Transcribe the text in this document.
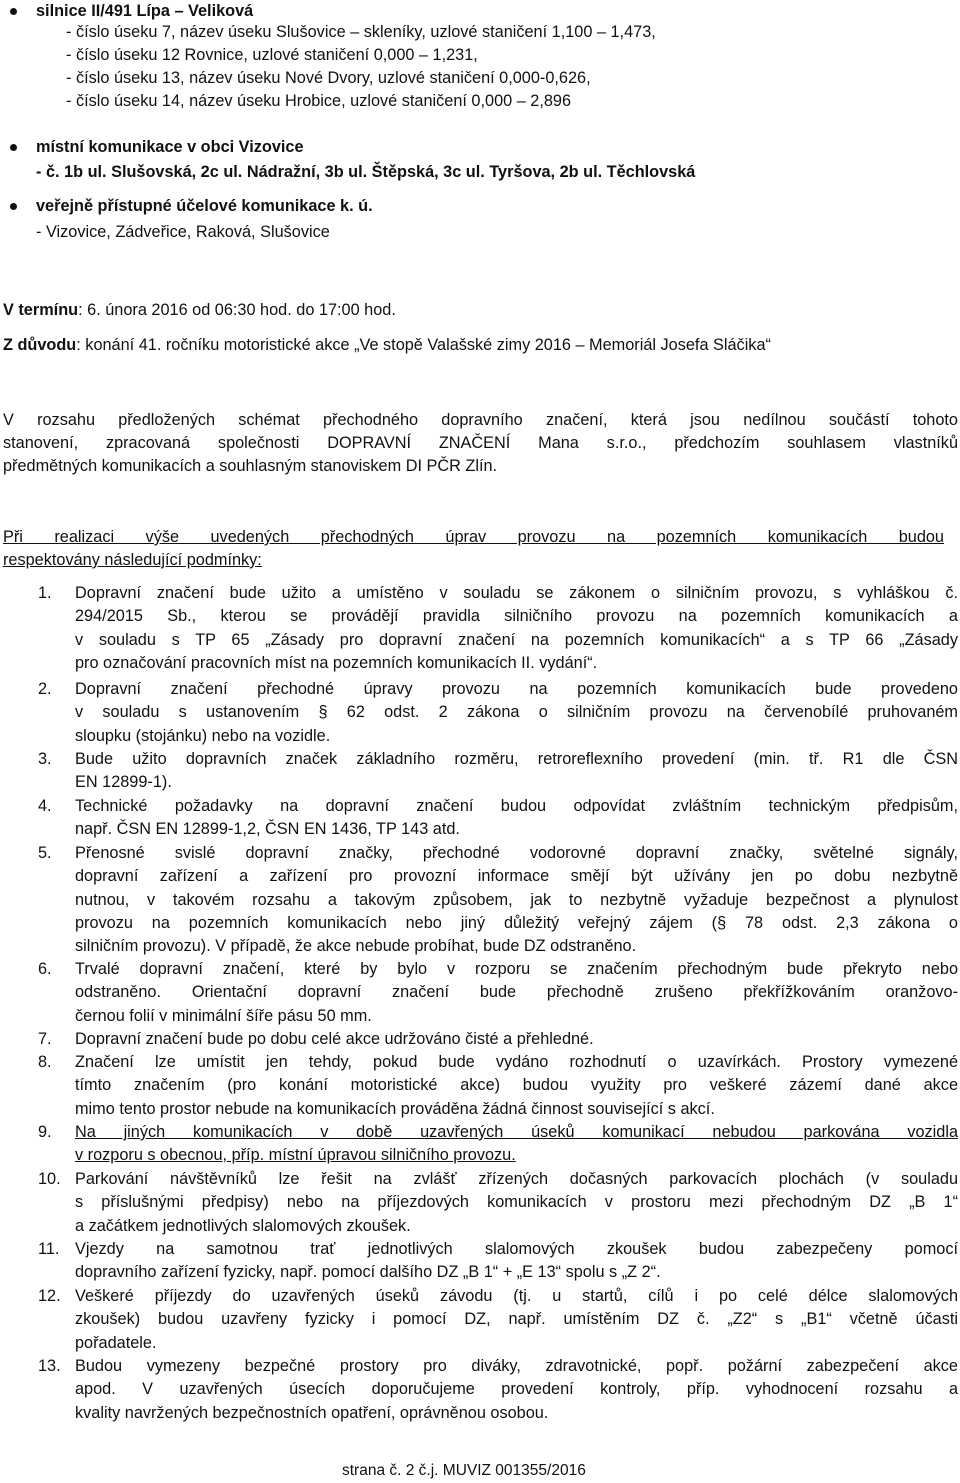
silnice II/491 Lípa – Veliková
- číslo úseku 7, název úseku Slušovice – skleníky, uzlové staničení 1,100 – 1,473,
- číslo úseku 12 Rovnice, uzlové staničení 0,000 – 1,231,
- číslo úseku 13, název úseku Nové Dvory, uzlové staničení 0,000-0,626,
- číslo úseku 14, název úseku Hrobice, uzlové staničení 0,000 – 2,896
místní komunikace v obci Vizovice
- č. 1b ul. Slušovská, 2c ul. Nádražní, 3b ul. Štěpská, 3c ul. Tyršova, 2b ul. Těchlovská
veřejně přístupné účelové komunikace k. ú.
- Vizovice, Zádveřice, Raková, Slušovice
V termínu: 6. února 2016 od 06:30 hod. do 17:00 hod.
Z důvodu: konání 41. ročníku motoristické akce „Ve stopě Valašské zimy 2016 – Memoriál Josefa Sláčika“
V rozsahu předložených schémat přechodného dopravního značení, která jsou nedílnou součástí tohoto
stanovení, zpracovaná společnosti DOPRAVNÍ ZNAČENÍ Mana s.r.o., předchozím souhlasem vlastníků
předmětných komunikacích a souhlasným stanoviskem DI PČR Zlín.
Při realizaci výše uvedených přechodných úprav provozu na pozemních komunikacích budou
respektovány následující podmínky:
1. Dopravní značení bude užito a umístěno v souladu se zákonem o silničním provozu, s vyhláškou č.
294/2015 Sb., kterou se provádějí pravidla silničního provozu na pozemních komunikacích a
v souladu s TP 65 „Zásady pro dopravní značení na pozemních komunikacích“ a s TP 66 „Zásady
pro označování pracovních míst na pozemních komunikacích II. vydání“.
2. Dopravní značení přechodné úpravy provozu na pozemních komunikacích bude provedeno
v souladu s ustanovením § 62 odst. 2 zákona o silničním provozu na červenobílé pruhovaném
sloupku (stojánku) nebo na vozidle.
3. Bude užito dopravních značek základního rozměru, retroreflexního provedení (min. tř. R1 dle ČSN
EN 12899-1).
4. Technické požadavky na dopravní značení budou odpovídat zvláštním technickým předpisům,
např. ČSN EN 12899-1,2, ČSN EN 1436, TP 143 atd.
5. Přenosné svislé dopravní značky, přechodné vodorovné dopravní značky, světelné signály,
dopravní zařízení a zařízení pro provozní informace smějí být užívány jen po dobu nezbytně
nutnou, v takovém rozsahu a takovým způsobem, jak to nezbytně vyžaduje bezpečnost a plynulost
provozu na pozemních komunikacích nebo jiný důležitý veřejný zájem (§ 78 odst. 2,3 zákona o
silničním provozu). V případě, že akce nebude probíhat, bude DZ odstraněno.
6. Trvalé dopravní značení, které by bylo v rozporu se značením přechodným bude překryto nebo
odstraněno. Orientační dopravní značení bude přechodně zrušeno překřížkováním oranžovo-
černou folií v minimální šíře pásu 50 mm.
7. Dopravní značení bude po dobu celé akce udržováno čisté a přehledné.
8. Značení lze umístit jen tehdy, pokud bude vydáno rozhodnutí o uzavírkách. Prostory vymezené
tímto značením (pro konání motoristické akce) budou využity pro veškeré zázemí dané akce
mimo tento prostor nebude na komunikacích prováděna žádná činnost související s akcí.
9. Na jiných komunikacích v době uzavřených úseků komunikací nebudou parkována vozidla
v rozporu s obecnou, příp. místní úpravou silničního provozu.
10. Parkování návštěvníků lze řešit na zvlášť zřízených dočasných parkovacích plochách (v souladu
s příslušnými předpisy) nebo na příjezdových komunikacích v prostoru mezi přechodným DZ „B 1“
a začátkem jednotlivých slalomových zkoušek.
11. Vjezdy na samotnou trať jednotlivých slalomových zkoušek budou zabezpečeny pomocí
dopravního zařízení fyzicky, např. pomocí dalšího DZ „B 1“ + „E 13“ spolu s „Z 2“.
12. Veškeré příjezdy do uzavřených úseků závodu (tj. u startů, cílů i po celé délce slalomových
zkoušek) budou uzavřeny fyzicky i pomocí DZ, např. umístěním DZ č. „Z2“ s „B1“ včetně účasti
pořadatele.
13. Budou vymezeny bezpečné prostory pro diváky, zdravotnické, popř. požární zabezpečení akce
apod. V uzavřených úsecích doporučujeme provedení kontroly, příp. vyhodnocení rozsahu a
kvality navržených bezpečnostních opatření, oprávněnou osobou.
strana č. 2 č.j. MUVIZ 001355/2016
